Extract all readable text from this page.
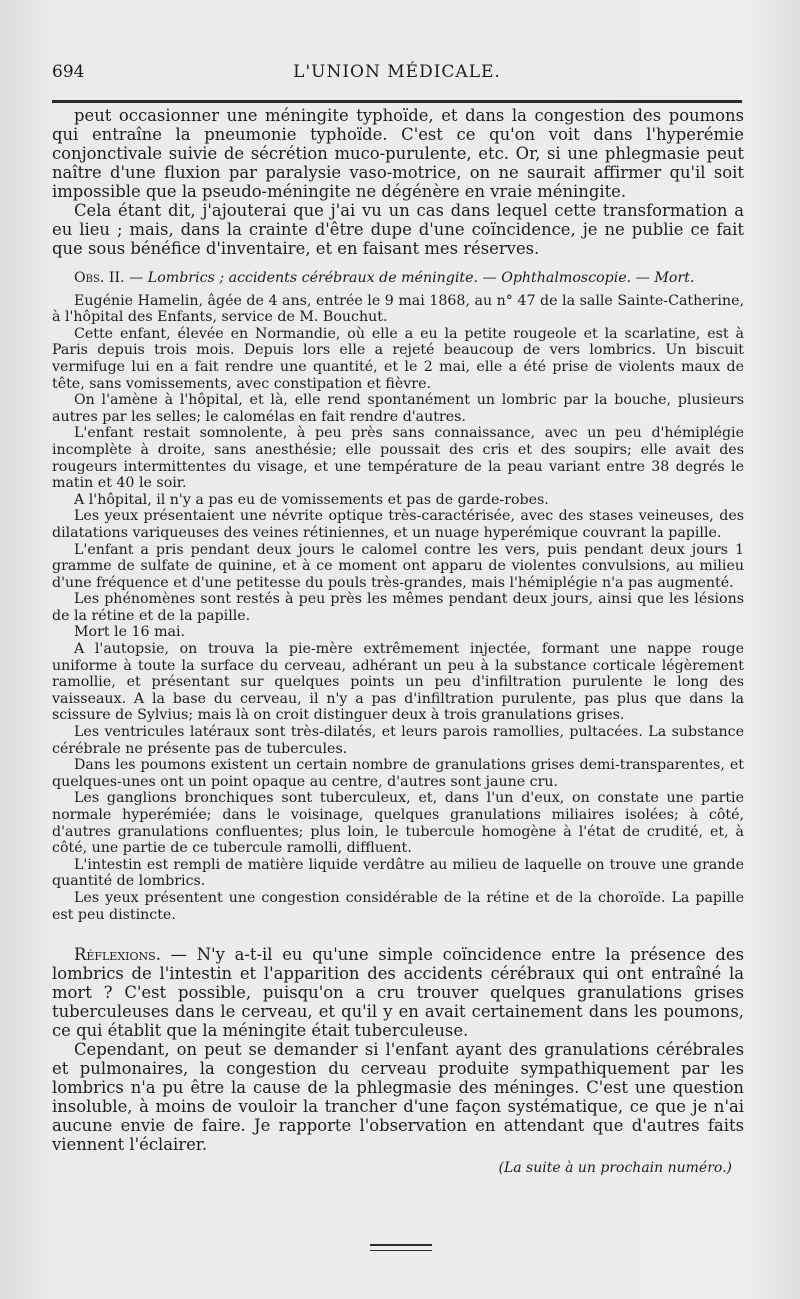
694	L'UNION MÉDICALE.

peut occasionner une méningite typhoïde, et dans la congestion des poumons qui entraîne la pneumonie typhoïde. C'est ce qu'on voit dans l'hyperémie conjonctivale suivie de sécrétion muco-purulente, etc. Or, si une phlegmasie peut naître d'une fluxion par paralysie vaso-motrice, on ne saurait affirmer qu'il soit impossible que la pseudo-méningite ne dégénère en vraie méningite.

Cela étant dit, j'ajouterai que j'ai vu un cas dans lequel cette transformation a eu lieu ; mais, dans la crainte d'être dupe d'une coïncidence, je ne publie ce fait que sous bénéfice d'inventaire, et en faisant mes réserves.

Obs. II. — Lombrics ; accidents cérébraux de méningite. — Ophthalmoscopie. — Mort.

Eugénie Hamelin, âgée de 4 ans, entrée le 9 mai 1868, au n° 47 de la salle Sainte-Catherine, à l'hôpital des Enfants, service de M. Bouchut.

Cette enfant, élevée en Normandie, où elle a eu la petite rougeole et la scarlatine, est à Paris depuis trois mois. Depuis lors elle a rejeté beaucoup de vers lombrics. Un biscuit vermifuge lui en a fait rendre une quantité, et le 2 mai, elle a été prise de violents maux de tête, sans vomissements, avec constipation et fièvre.

On l'amène à l'hôpital, et là, elle rend spontanément un lombric par la bouche, plusieurs autres par les selles; le calomélas en fait rendre d'autres.

L'enfant restait somnolente, à peu près sans connaissance, avec un peu d'hémiplégie incomplète à droite, sans anesthésie; elle poussait des cris et des soupirs; elle avait des rougeurs intermittentes du visage, et une température de la peau variant entre 38 degrés le matin et 40 le soir.

A l'hôpital, il n'y a pas eu de vomissements et pas de garde-robes.

Les yeux présentaient une névrite optique très-caractérisée, avec des stases veineuses, des dilatations variqueuses des veines rétiniennes, et un nuage hyperémique couvrant la papille.

L'enfant a pris pendant deux jours le calomel contre les vers, puis pendant deux jours 1 gramme de sulfate de quinine, et à ce moment ont apparu de violentes convulsions, au milieu d'une fréquence et d'une petitesse du pouls très-grandes, mais l'hémiplégie n'a pas augmenté.

Les phénomènes sont restés à peu près les mêmes pendant deux jours, ainsi que les lésions de la rétine et de la papille.

Mort le 16 mai.

A l'autopsie, on trouva la pie-mère extrêmement injectée, formant une nappe rouge uniforme à toute la surface du cerveau, adhérant un peu à la substance corticale légèrement ramollie, et présentant sur quelques points un peu d'infiltration purulente le long des vaisseaux. A la base du cerveau, il n'y a pas d'infiltration purulente, pas plus que dans la scissure de Sylvius; mais là on croit distinguer deux à trois granulations grises.

Les ventricules latéraux sont très-dilatés, et leurs parois ramollies, pultacées. La substance cérébrale ne présente pas de tubercules.

Dans les poumons existent un certain nombre de granulations grises demi-transparentes, et quelques-unes ont un point opaque au centre, d'autres sont jaune cru.

Les ganglions bronchiques sont tuberculeux, et, dans l'un d'eux, on constate une partie normale hyperémiée; dans le voisinage, quelques granulations miliaires isolées; à côté, d'autres granulations confluentes; plus loin, le tubercule homogène à l'état de crudité, et, à côté, une partie de ce tubercule ramolli, diffluent.

L'intestin est rempli de matière liquide verdâtre au milieu de laquelle on trouve une grande quantité de lombrics.

Les yeux présentent une congestion considérable de la rétine et de la choroïde. La papille est peu distincte.

Réflexions. — N'y a-t-il eu qu'une simple coïncidence entre la présence des lombrics de l'intestin et l'apparition des accidents cérébraux qui ont entraîné la mort ? C'est possible, puisqu'on a cru trouver quelques granulations grises tuberculeuses dans le cerveau, et qu'il y en avait certainement dans les poumons, ce qui établit que la méningite était tuberculeuse.

Cependant, on peut se demander si l'enfant ayant des granulations cérébrales et pulmonaires, la congestion du cerveau produite sympathiquement par les lombrics n'a pu être la cause de la phlegmasie des méninges. C'est une question insoluble, à moins de vouloir la trancher d'une façon systématique, ce que je n'ai aucune envie de faire. Je rapporte l'observation en attendant que d'autres faits viennent l'éclairer.

(La suite à un prochain numéro.)
